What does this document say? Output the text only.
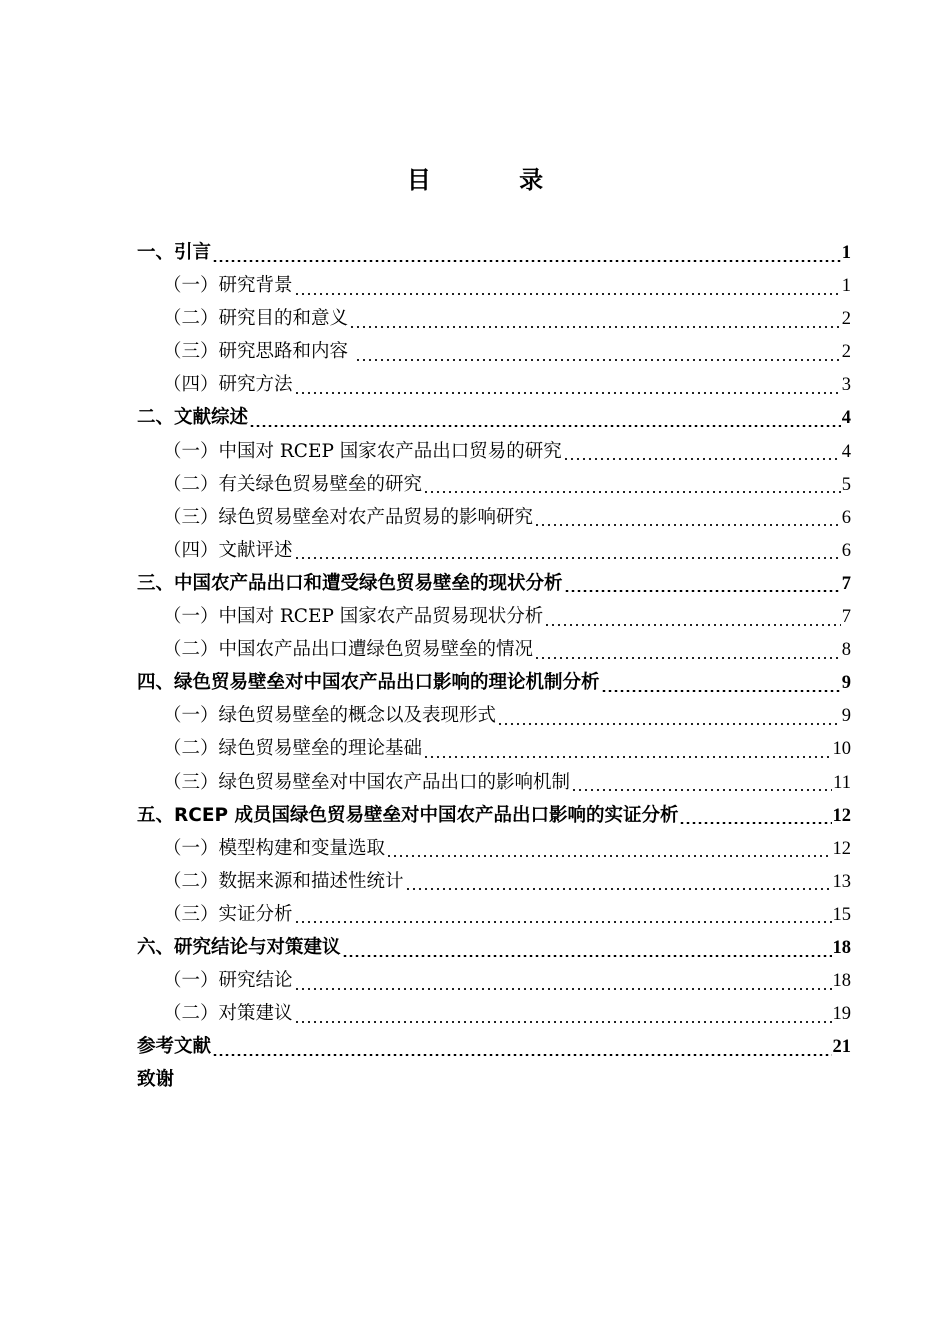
目 录
一、引言	1
（一）研究背景	1
（二）研究目的和意义	2
（三）研究思路和内容	2
（四）研究方法	3
二、文献综述	4
（一）中国对 RCEP 国家农产品出口贸易的研究	4
（二）有关绿色贸易壁垒的研究	5
（三）绿色贸易壁垒对农产品贸易的影响研究	6
（四）文献评述	6
三、中国农产品出口和遭受绿色贸易壁垒的现状分析	7
（一）中国对 RCEP 国家农产品贸易现状分析	7
（二）中国农产品出口遭绿色贸易壁垒的情况	8
四、绿色贸易壁垒对中国农产品出口影响的理论机制分析	9
（一）绿色贸易壁垒的概念以及表现形式	9
（二）绿色贸易壁垒的理论基础	10
（三）绿色贸易壁垒对中国农产品出口的影响机制	11
五、RCEP 成员国绿色贸易壁垒对中国农产品出口影响的实证分析	12
（一）模型构建和变量选取	12
（二）数据来源和描述性统计	13
（三）实证分析	15
六、研究结论与对策建议	18
（一）研究结论	18
（二）对策建议	19
参考文献	21
致谢
